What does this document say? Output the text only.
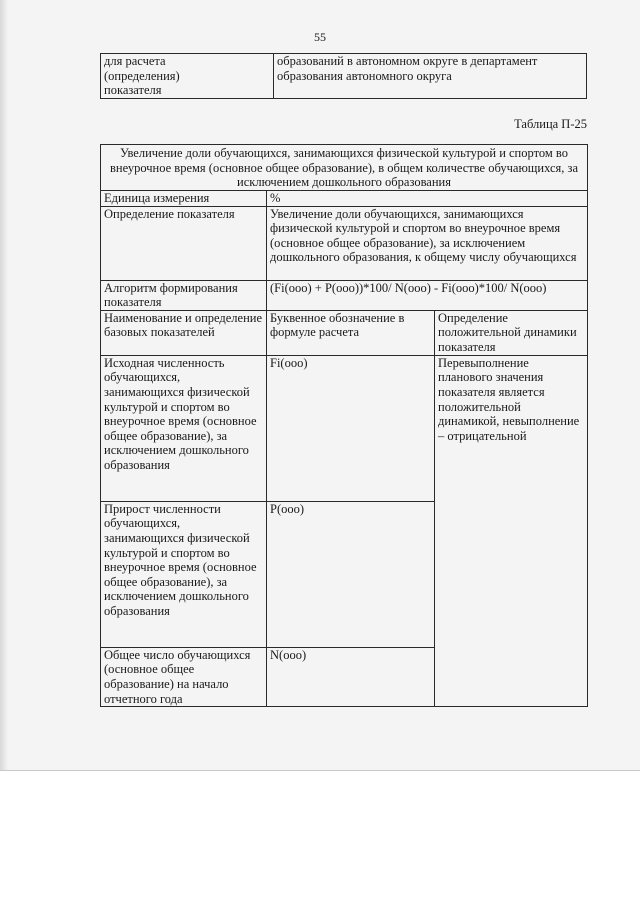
55
для расчета
(определения)
показателя	образований в автономном округе в департамент образования автономного округа
Таблица П-25
Увеличение доли обучающихся, занимающихся физической культурой и спортом во внеурочное время (основное общее образование), в общем количестве обучающихся, за исключением дошкольного образования		
Единица измерения	%	
Определение показателя	Увеличение доли обучающихся, занимающихся физической культурой и спортом во внеурочное время (основное общее образование), за исключением дошкольного образования, к общему числу обучающихся	
Алгоритм формирования показателя	(Fi(ооо) + P(ооо))*100/ N(ооо) - Fi(ооо)*100/ N(ооо)	
Наименование и определение базовых показателей	Буквенное обозначение в формуле расчета	Определение положительной динамики показателя
Исходная численность обучающихся, занимающихся физической культурой и спортом во внеурочное время (основное общее образование), за исключением дошкольного образования	Fi(ооо)	Перевыполнение планового значения показателя является положительной динамикой, невыполнение – отрицательной
Прирост численности обучающихся, занимающихся физической культурой и спортом во внеурочное время (основное общее образование), за исключением дошкольного образования	P(ооо)	
Общее число обучающихся (основное общее образование) на начало отчетного года	N(ооо)	
